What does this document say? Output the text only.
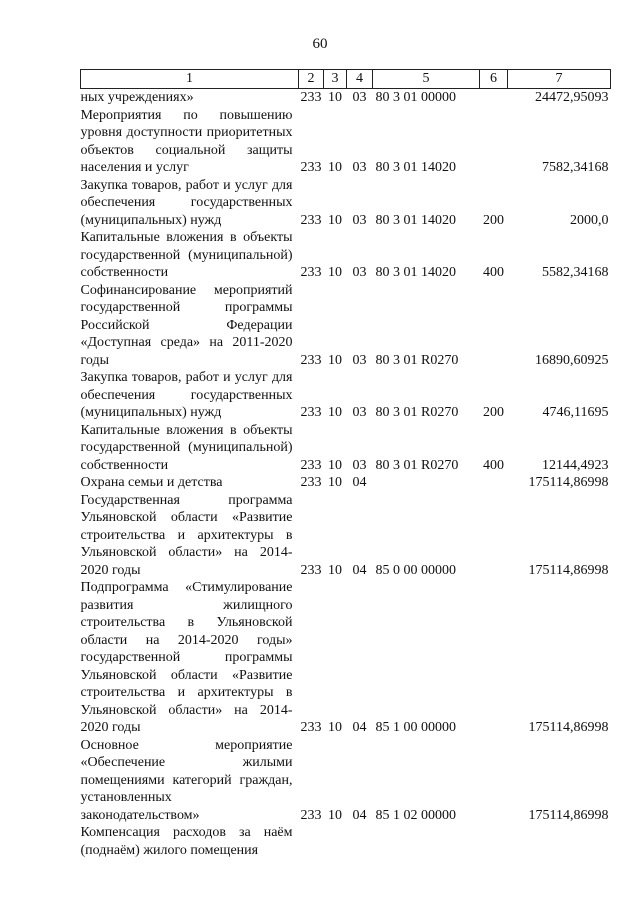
60
1	2	3	4	5	6	7
ных учреждениях»	233	10	03	80 3 01 00000		24472,95093
Мероприятия по повышению уровня доступности приоритетных объектов социальной защиты населения и услуг	233	10	03	80 3 01 14020		7582,34168
Закупка товаров, работ и услуг для обеспечения государственных (муниципальных) нужд	233	10	03	80 3 01 14020	200	2000,0
Капитальные вложения в объекты государственной (муниципальной) собственности	233	10	03	80 3 01 14020	400	5582,34168
Софинансирование мероприятий государственной программы Российской Федерации «Доступная среда» на 2011-2020 годы	233	10	03	80 3 01 R0270		16890,60925
Закупка товаров, работ и услуг для обеспечения государственных (муниципальных) нужд	233	10	03	80 3 01 R0270	200	4746,11695
Капитальные вложения в объекты государственной (муниципальной) собственности	233	10	03	80 3 01 R0270	400	12144,4923
Охрана семьи и детства	233	10	04			175114,86998
Государственная программа Ульяновской области «Развитие строительства и архитектуры в Ульяновской области» на 2014-2020 годы	233	10	04	85 0 00 00000		175114,86998
Подпрограмма «Стимулирование развития жилищного строительства в Ульяновской области на 2014-2020 годы» государственной программы Ульяновской области «Развитие строительства и архитектуры в Ульяновской области» на 2014-2020 годы	233	10	04	85 1 00 00000		175114,86998
Основное мероприятие «Обеспечение жилыми помещениями категорий граждан, установленных законодательством»	233	10	04	85 1 02 00000		175114,86998
Компенсация расходов за наём (поднаём) жилого помещения						
